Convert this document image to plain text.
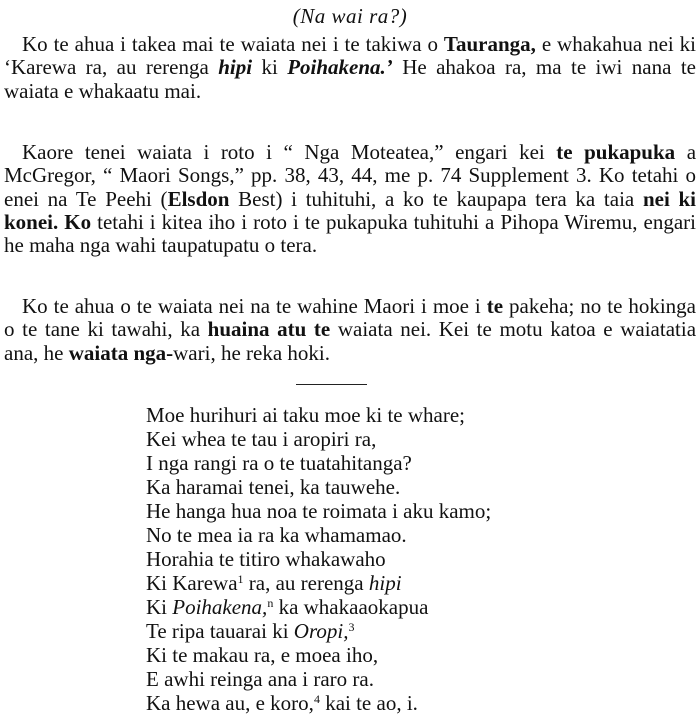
(Na wai ra?)

Ko te ahua i takea mai te waiata nei i te takiwa o Tauranga, e whakahua nei ki ‘Karewa ra, au rerenga hipi ki Poihakena.’ He ahakoa ra, ma te iwi nana te waiata e whakaatu mai.

Kaore tenei waiata i roto i “ Nga Moteatea,” engari kei te pukapuka a McGregor, “ Maori Songs,” pp. 38, 43, 44, me p. 74 Supplement 3. Ko tetahi o enei na Te Peehi (Elsdon Best) i tuhituhi, a ko te kaupapa tera ka taia nei ki konei. Ko tetahi i kitea iho i roto i te pukapuka tuhituhi a Pihopa Wiremu, engari he maha nga wahi taupatupatu o tera.

Ko te ahua o te waiata nei na te wahine Maori i moe i te pakeha; no te hokinga o te tane ki tawahi, ka huaina atu te waiata nei. Kei te motu katoa e waiatatia ana, he waiata nga-wari, he reka hoki.

Moe hurihuri ai taku moe ki te whare;
Kei whea te tau i aropiri ra,
I nga rangi ra o te tuatahitanga?
Ka haramai tenei, ka tauwehe.
He hanga hua noa te roimata i aku kamo;
No te mea ia ra ka whamamao.
Horahia te titiro whakawaho
Ki Karewa$^1$ ra, au rerenga hipi
Ki Poihakena,$^n$ ka whakaaokapua
Te ripa tauarai ki Oropi,$^3$
Ki te makau ra, e moea iho,
E awhi reinga ana i raro ra.
Ka hewa au, e koro,$^4$ kai te ao, i.
